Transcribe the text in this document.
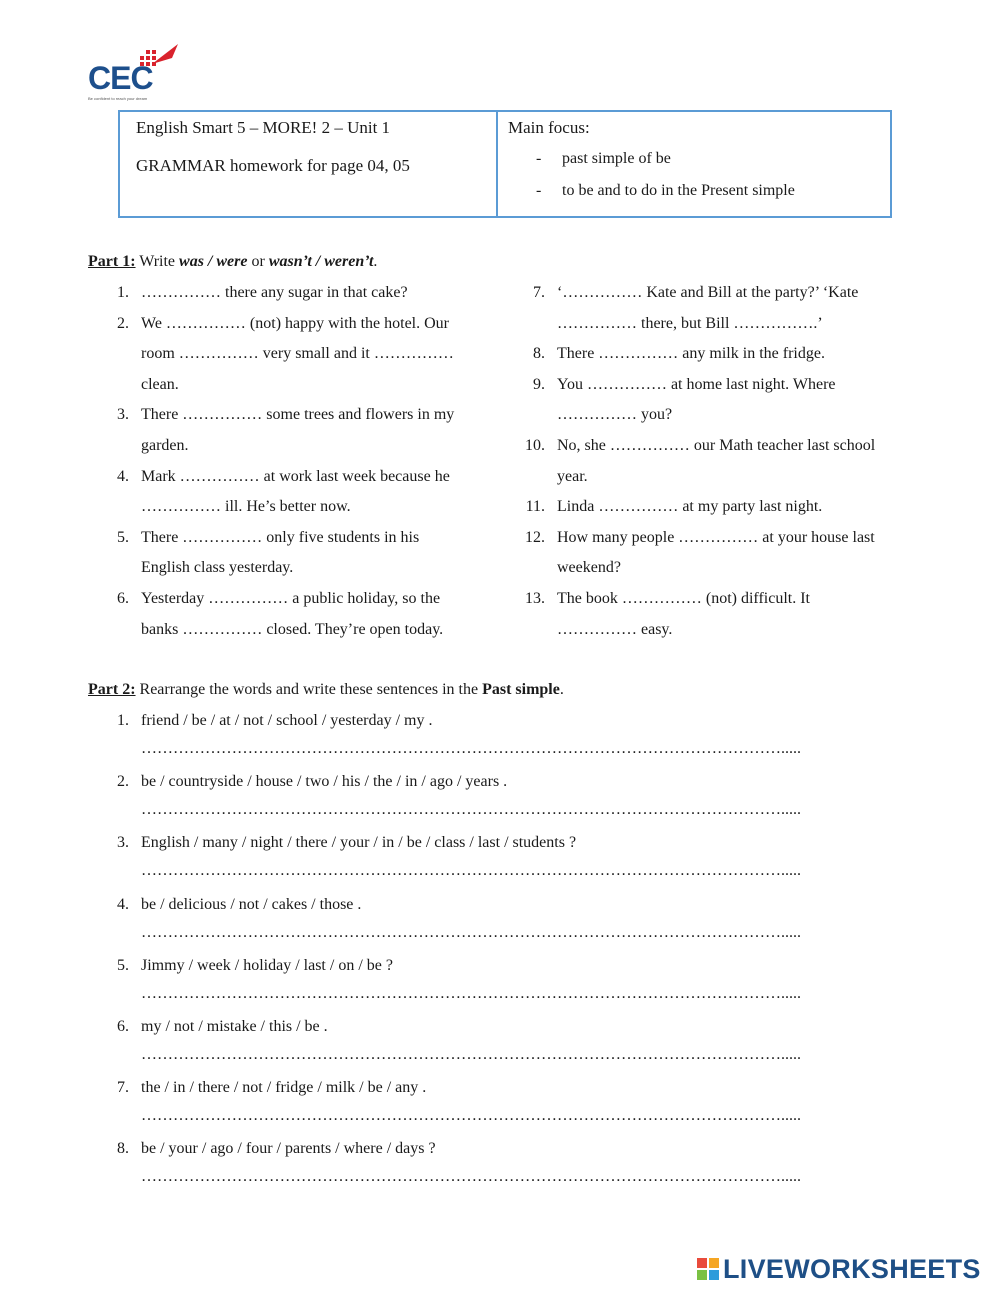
CEC
Be confident to reach your dream
English Smart 5 – MORE! 2 – Unit 1
GRAMMAR homework for page 04, 05
Main focus:
- past simple of be
- to be and to do in the Present simple
Part 1: Write was / were or wasn’t / weren’t.
1. …………… there any sugar in that cake?
2. We …………… (not) happy with the hotel. Our
room …………… very small and it ……………
clean.
3. There …………… some trees and flowers in my
garden.
4. Mark …………… at work last week because he
…………… ill. He’s better now.
5. There …………… only five students in his
English class yesterday.
6. Yesterday …………… a public holiday, so the
banks …………… closed. They’re open today.
7. ‘…………… Kate and Bill at the party?’ ‘Kate
…………… there, but Bill …………….’
8. There …………… any milk in the fridge.
9. You …………… at home last night. Where
…………… you?
10. No, she …………… our Math teacher last school
year.
11. Linda …………… at my party last night.
12. How many people …………… at your house last
weekend?
13. The book …………… (not) difficult. It
…………… easy.
Part 2: Rearrange the words and write these sentences in the Past simple.
1. friend / be / at / not / school / yesterday / my .
………………………………………………………………………………………………………….....
2. be / countryside / house / two / his / the / in / ago / years .
………………………………………………………………………………………………………….....
3. English / many / night / there / your / in / be / class / last / students ?
………………………………………………………………………………………………………….....
4. be / delicious / not / cakes / those .
………………………………………………………………………………………………………….....
5. Jimmy / week / holiday / last / on / be ?
………………………………………………………………………………………………………….....
6. my / not / mistake / this / be .
………………………………………………………………………………………………………….....
7. the / in / there / not / fridge / milk / be / any .
………………………………………………………………………………………………………….....
8. be / your / ago / four / parents / where / days ?
………………………………………………………………………………………………………….....
LIVEWORKSHEETS
